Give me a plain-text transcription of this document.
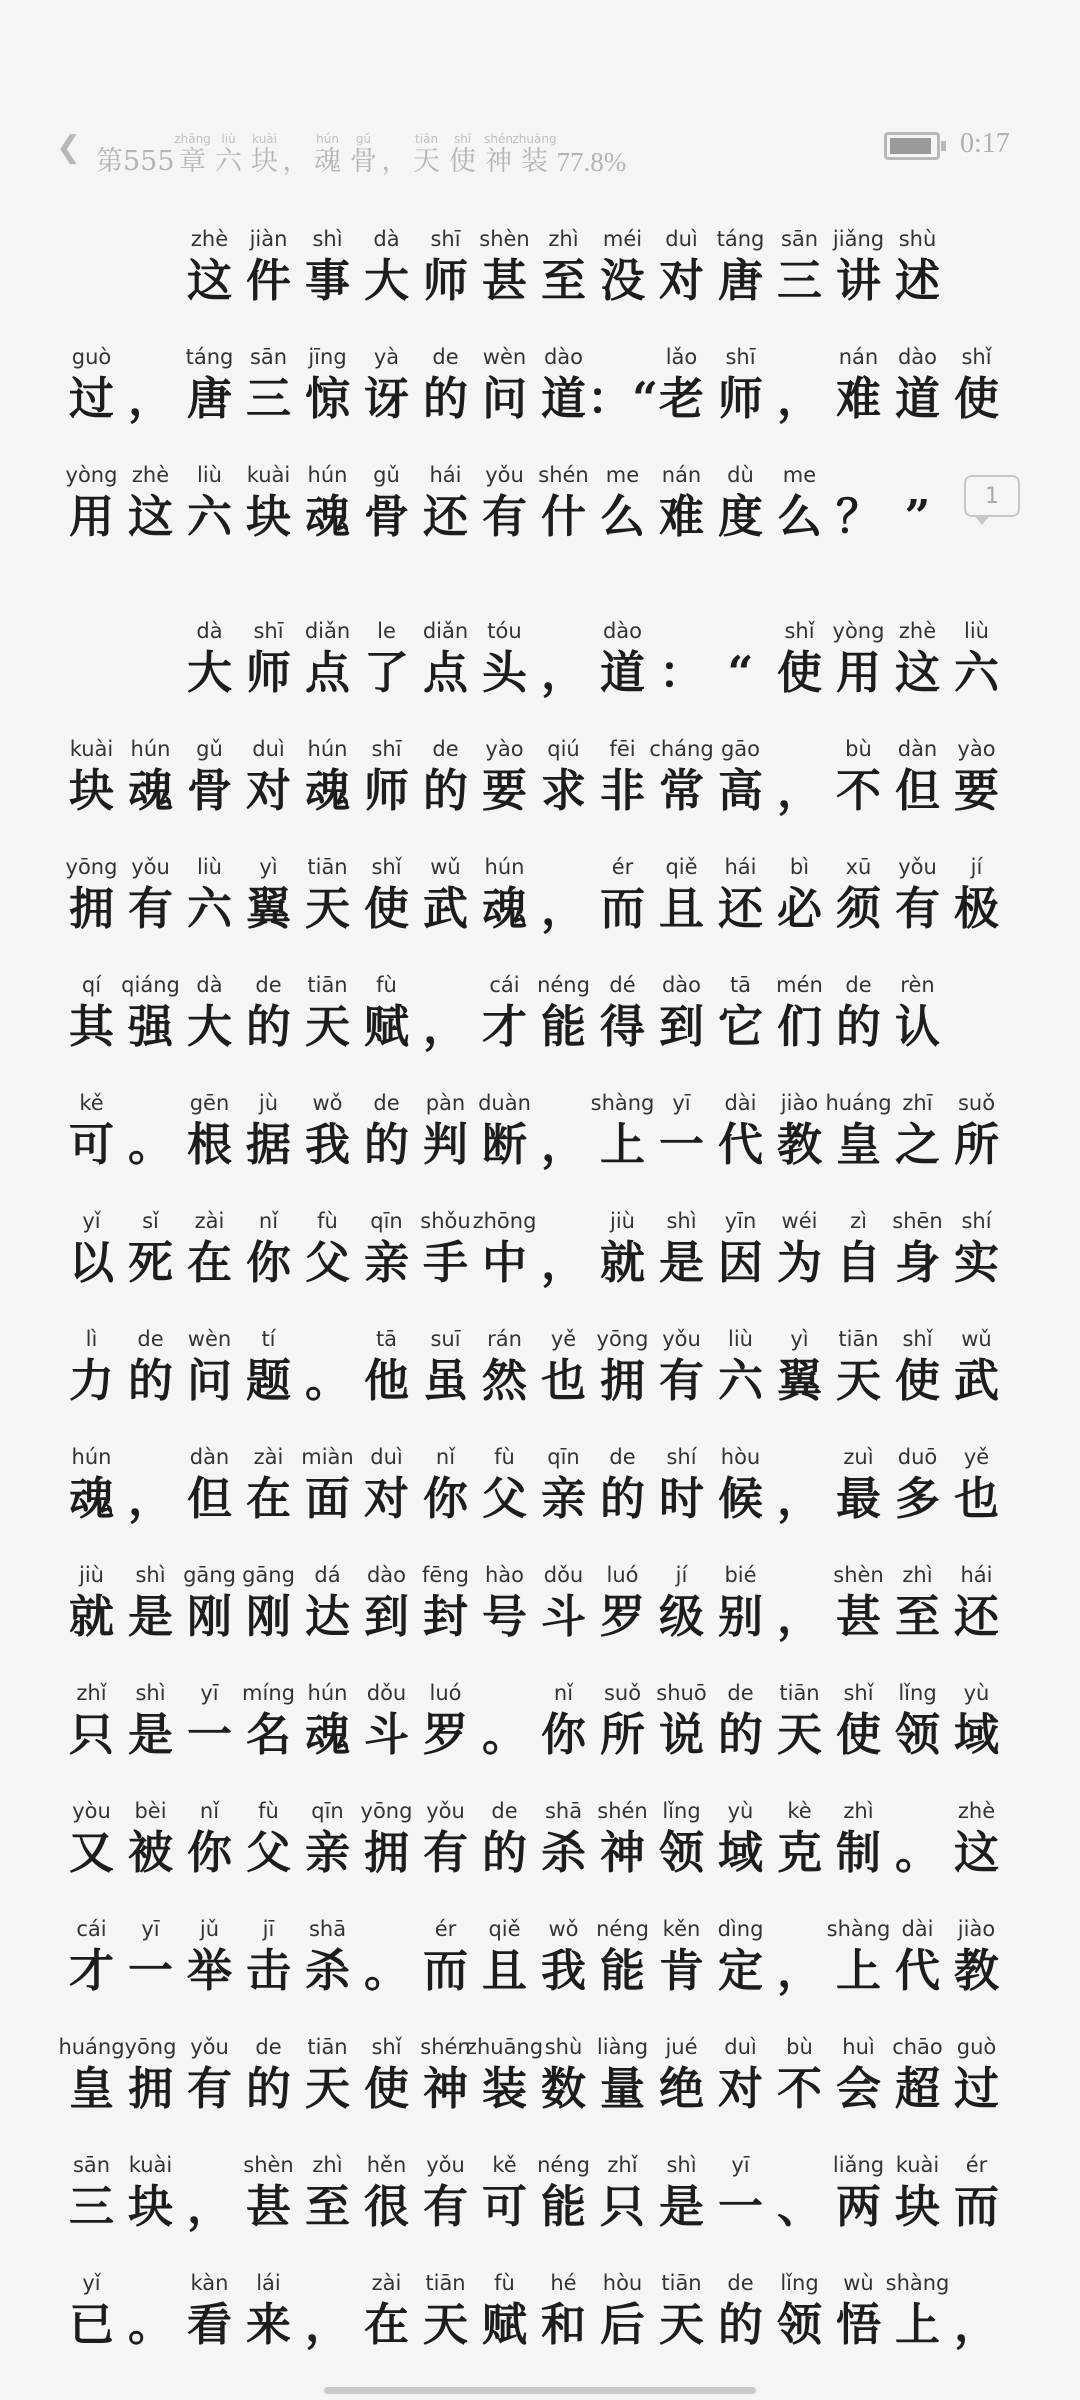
❮ 第 555
zhāng
章
liù
六
kuài
块 ，
hún
魂
gǔ
骨 ，
tiān
天
shǐ
使
shén
神
zhuāng
装 77.8%
0:17
1
zhè
这
jiàn
件
shì
事
dà
大
shī
师
shèn
甚
zhì
至
méi
没
duì
对
táng
唐
sān
三
jiǎng
讲
shù
述
guò
过 ，
táng
唐
sān
三
jīng
惊
yà
讶
de
的
wèn
问
dào
道 ：“
lǎo
老
shī
师 ，
nán
难
dào
道
shǐ
使
yòng
用
zhè
这
liù
六
kuài
块
hún
魂
gǔ
骨
hái
还
yǒu
有
shén
什
me
么
nán
难
dù
度
me
么 ？ ”
dà
大
shī
师
diǎn
点
le
了
diǎn
点
tóu
头 ，
dào
道 ： “
shǐ
使
yòng
用
zhè
这
liù
六
kuài
块
hún
魂
gǔ
骨
duì
对
hún
魂
shī
师
de
的
yào
要
qiú
求
fēi
非
cháng
常
gāo
高 ，
bù
不
dàn
但
yào
要
yōng
拥
yǒu
有
liù
六
yì
翼
tiān
天
shǐ
使
wǔ
武
hún
魂 ，
ér
而
qiě
且
hái
还
bì
必
xū
须
yǒu
有
jí
极
qí
其
qiáng
强
dà
大
de
的
tiān
天
fù
赋 ，
cái
才
néng
能
dé
得
dào
到
tā
它
mén
们
de
的
rèn
认
kě
可 。
gēn
根
jù
据
wǒ
我
de
的
pàn
判
duàn
断 ，
shàng
上
yī
一
dài
代
jiào
教
huáng
皇
zhī
之
suǒ
所
yǐ
以
sǐ
死
zài
在
nǐ
你
fù
父
qīn
亲
shǒu
手
zhōng
中 ，
jiù
就
shì
是
yīn
因
wéi
为
zì
自
shēn
身
shí
实
lì
力
de
的
wèn
问
tí
题 。
tā
他
suī
虽
rán
然
yě
也
yōng
拥
yǒu
有
liù
六
yì
翼
tiān
天
shǐ
使
wǔ
武
hún
魂 ，
dàn
但
zài
在
miàn
面
duì
对
nǐ
你
fù
父
qīn
亲
de
的
shí
时
hòu
候 ，
zuì
最
duō
多
yě
也
jiù
就
shì
是
gāng
刚
gāng
刚
dá
达
dào
到
fēng
封
hào
号
dǒu
斗
luó
罗
jí
级
bié
别 ，
shèn
甚
zhì
至
hái
还
zhǐ
只
shì
是
yī
一
míng
名
hún
魂
dǒu
斗
luó
罗 。
nǐ
你
suǒ
所
shuō
说
de
的
tiān
天
shǐ
使
lǐng
领
yù
域
yòu
又
bèi
被
nǐ
你
fù
父
qīn
亲
yōng
拥
yǒu
有
de
的
shā
杀
shén
神
lǐng
领
yù
域
kè
克
zhì
制 。
zhè
这
cái
才
yī
一
jǔ
举
jī
击
shā
杀 。
ér
而
qiě
且
wǒ
我
néng
能
kěn
肯
dìng
定 ，
shàng
上
dài
代
jiào
教
huáng
皇
yōng
拥
yǒu
有
de
的
tiān
天
shǐ
使
shén
神
zhuāng
装
shù
数
liàng
量
jué
绝
duì
对
bù
不
huì
会
chāo
超
guò
过
sān
三
kuài
块 ，
shèn
甚
zhì
至
hěn
很
yǒu
有
kě
可
néng
能
zhǐ
只
shì
是
yī
一 、
liǎng
两
kuài
块
ér
而
yǐ
已 。
kàn
看
lái
来 ，
zài
在
tiān
天
fù
赋
hé
和
hòu
后
tiān
天
de
的
lǐng
领
wù
悟
shàng
上 ，
